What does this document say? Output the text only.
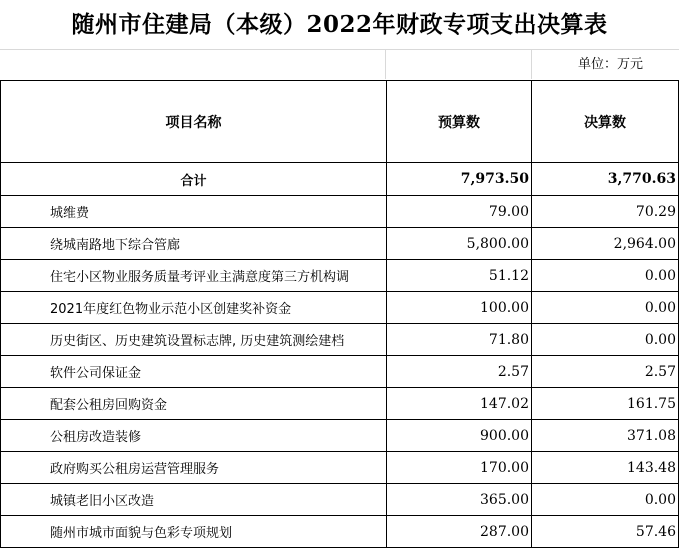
随州市住建局（本级）2022年财政专项支出决算表
单位：万元
项目名称	预算数	决算数
合计	7,973.50	3,770.63
城维费	79.00	70.29
绕城南路地下综合管廊	5,800.00	2,964.00
住宅小区物业服务质量考评业主满意度第三方机构调	51.12	0.00
2021年度红色物业示范小区创建奖补资金	100.00	0.00
历史街区、历史建筑设置标志牌, 历史建筑测绘建档	71.80	0.00
软件公司保证金	2.57	2.57
配套公租房回购资金	147.02	161.75
公租房改造装修	900.00	371.08
政府购买公租房运营管理服务	170.00	143.48
城镇老旧小区改造	365.00	0.00
随州市城市面貌与色彩专项规划	287.00	57.46
